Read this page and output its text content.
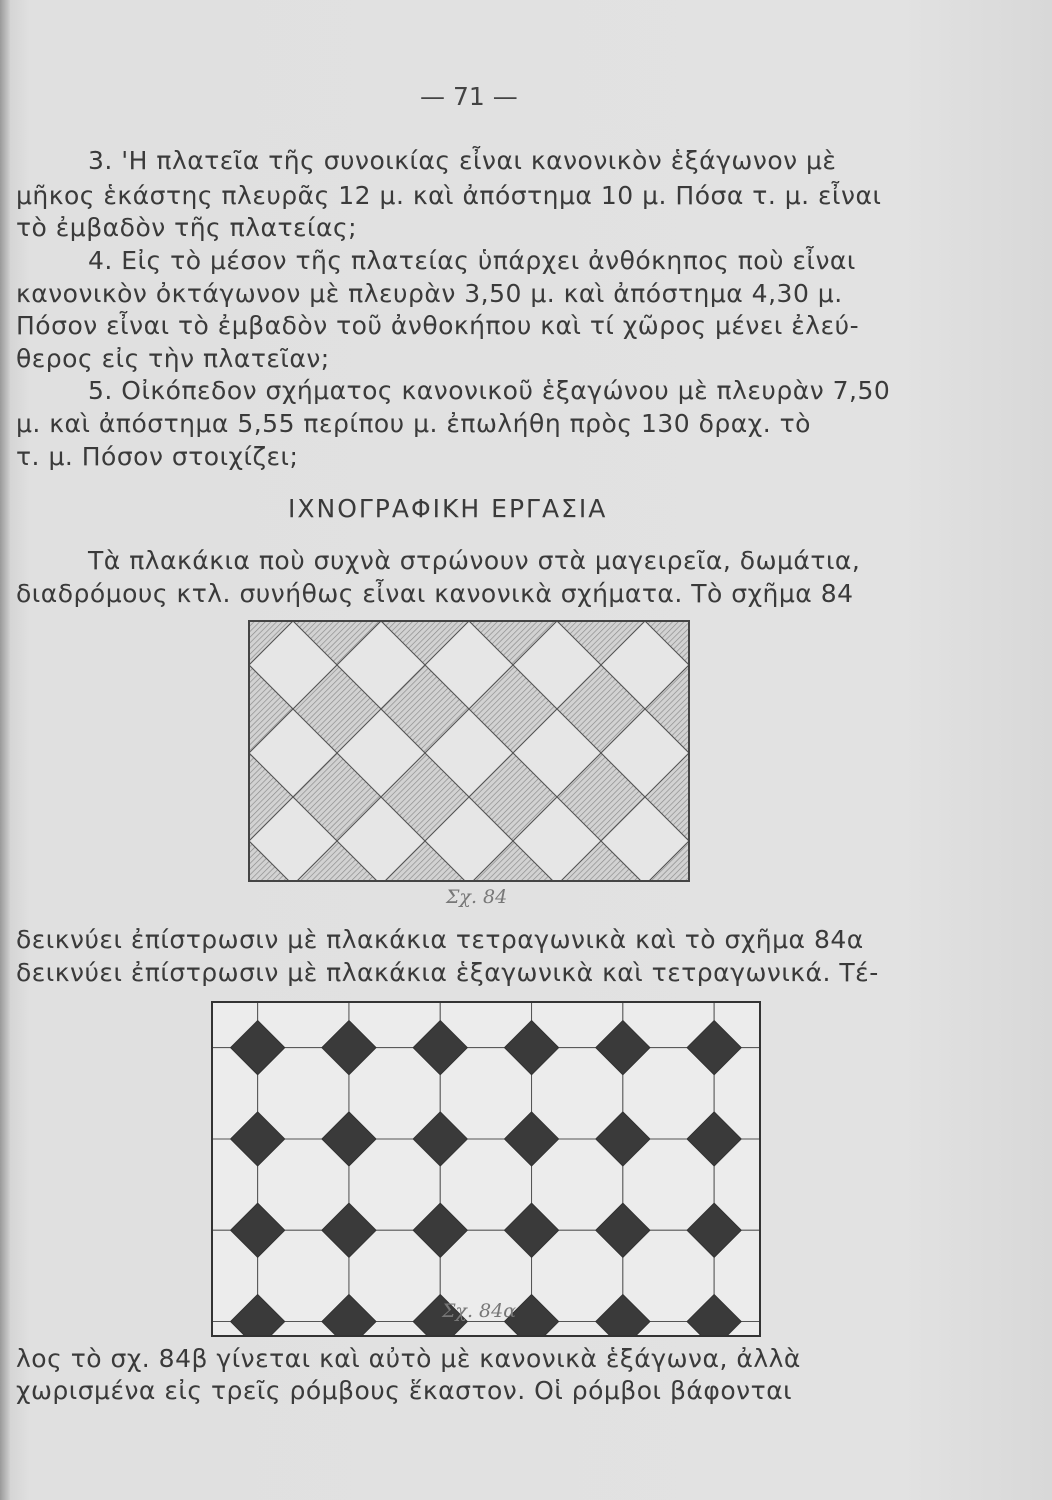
— 71 —
3. 'Η πλατεῖα τῆς συνοικίας εἶναι κανονικὸν ἑξάγωνον μὲ
μῆκος ἑκάστης πλευρᾶς 12 μ. καὶ ἀπόστημα 10 μ. Πόσα τ. μ. εἶναι
τὸ ἐμβαδὸν τῆς πλατείας;
4. Εἰς τὸ μέσον τῆς πλατείας ὑπάρχει ἀνθόκηπος ποὺ εἶναι
κανονικὸν ὀκτάγωνον μὲ πλευρὰν 3,50 μ. καὶ ἀπόστημα 4,30 μ.
Πόσον εἶναι τὸ ἐμβαδὸν τοῦ ἀνθοκήπου καὶ τί χῶρος μένει ἐλεύ-
θερος εἰς τὴν πλατεῖαν;
5. Οἰκόπεδον σχήματος κανονικοῦ ἑξαγώνου μὲ πλευρὰν 7,50
μ. καὶ ἀπόστημα 5,55 περίπου μ. ἐπωλήθη πρὸς 130 δραχ. τὸ
τ. μ. Πόσον στοιχίζει;
ΙΧΝΟΓΡΑΦΙΚΗ ΕΡΓΑΣΙΑ
Τὰ πλακάκια ποὺ συχνὰ στρώνουν στὰ μαγειρεῖα, δωμάτια,
διαδρόμους κτλ. συνήθως εἶναι κανονικὰ σχήματα. Τὸ σχῆμα 84
Σχ. 84
δεικνύει ἐπίστρωσιν μὲ πλακάκια τετραγωνικὰ καὶ τὸ σχῆμα 84α
δεικνύει ἐπίστρωσιν μὲ πλακάκια ἑξαγωνικὰ καὶ τετραγωνικά. Τέ-
Σχ. 84α
λος τὸ σχ. 84β γίνεται καὶ αὐτὸ μὲ κανονικὰ ἑξάγωνα, ἀλλὰ
χωρισμένα εἰς τρεῖς ρόμβους ἕκαστον. Οἱ ρόμβοι βάφονται
